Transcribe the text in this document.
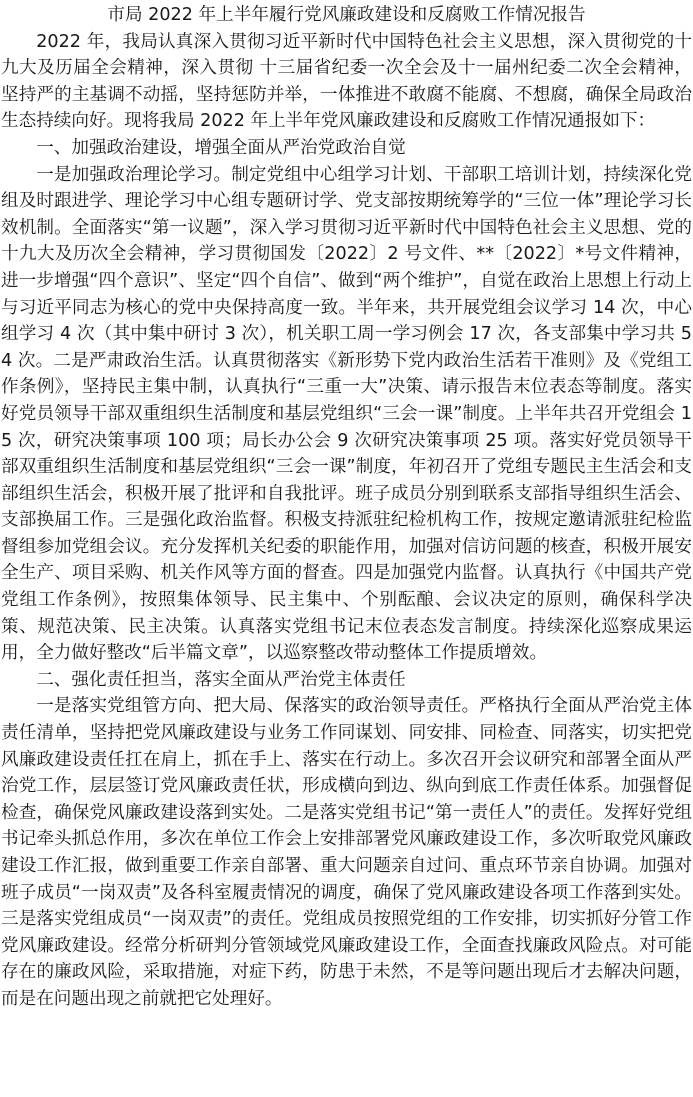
市局 2022 年上半年履行党风廉政建设和反腐败工作情况报告

2022 年，我局认真深入贯彻习近平新时代中国特色社会主义思想，深入贯彻党的十九大及历届全会精神，深入贯彻 十三届省纪委一次全会及十一届州纪委二次全会精神，坚持严的主基调不动摇，坚持惩防并举，一体推进不敢腐不能腐、不想腐，确保全局政治生态持续向好。现将我局 2022 年上半年党风廉政建设和反腐败工作情况通报如下：

一、加强政治建设，增强全面从严治党政治自觉

一是加强政治理论学习。制定党组中心组学习计划、干部职工培训计划，持续深化党组及时跟进学、理论学习中心组专题研讨学、党支部按期统筹学的“三位一体”理论学习长效机制。全面落实“第一议题”，深入学习贯彻习近平新时代中国特色社会主义思想、党的十九大及历次全会精神，学习贯彻国发〔2022〕2 号文件、**〔2022〕*号文件精神，进一步增强“四个意识”、坚定“四个自信”、做到“两个维护”，自觉在政治上思想上行动上与习近平同志为核心的党中央保持高度一致。半年来，共开展党组会议学习 14 次，中心组学习 4 次（其中集中研讨 3 次），机关职工周一学习例会 17 次，各支部集中学习共 54 次。二是严肃政治生活。认真贯彻落实《新形势下党内政治生活若干准则》及《党组工作条例》，坚持民主集中制，认真执行“三重一大”决策、请示报告末位表态等制度。落实好党员领导干部双重组织生活制度和基层党组织“三会一课”制度。上半年共召开党组会 15 次，研究决策事项 100 项；局长办公会 9 次研究决策事项 25 项。落实好党员领导干部双重组织生活制度和基层党组织“三会一课”制度，年初召开了党组专题民主生活会和支部组织生活会，积极开展了批评和自我批评。班子成员分别到联系支部指导组织生活会、支部换届工作。三是强化政治监督。积极支持派驻纪检机构工作，按规定邀请派驻纪检监督组参加党组会议。充分发挥机关纪委的职能作用，加强对信访问题的核查，积极开展安全生产、项目采购、机关作风等方面的督查。四是加强党内监督。认真执行《中国共产党党组工作条例》，按照集体领导、民主集中、个别酝酿、会议决定的原则，确保科学决策、规范决策、民主决策。认真落实党组书记末位表态发言制度。持续深化巡察成果运用，全力做好整改“后半篇文章”，以巡察整改带动整体工作提质增效。

二、强化责任担当，落实全面从严治党主体责任

一是落实党组管方向、把大局、保落实的政治领导责任。严格执行全面从严治党主体责任清单，坚持把党风廉政建设与业务工作同谋划、同安排、同检查、同落实，切实把党风廉政建设责任扛在肩上，抓在手上、落实在行动上。多次召开会议研究和部署全面从严治党工作，层层签订党风廉政责任状，形成横向到边、纵向到底工作责任体系。加强督促检查，确保党风廉政建设落到实处。二是落实党组书记“第一责任人”的责任。发挥好党组书记牵头抓总作用，多次在单位工作会上安排部署党风廉政建设工作，多次听取党风廉政建设工作汇报，做到重要工作亲自部署、重大问题亲自过问、重点环节亲自协调。加强对班子成员“一岗双责”及各科室履责情况的调度，确保了党风廉政建设各项工作落到实处。三是落实党组成员“一岗双责”的责任。党组成员按照党组的工作安排，切实抓好分管工作党风廉政建设。经常分析研判分管领域党风廉政建设工作，全面查找廉政风险点。对可能存在的廉政风险，采取措施，对症下药，防患于未然，不是等问题出现后才去解决问题，而是在问题出现之前就把它处理好。
